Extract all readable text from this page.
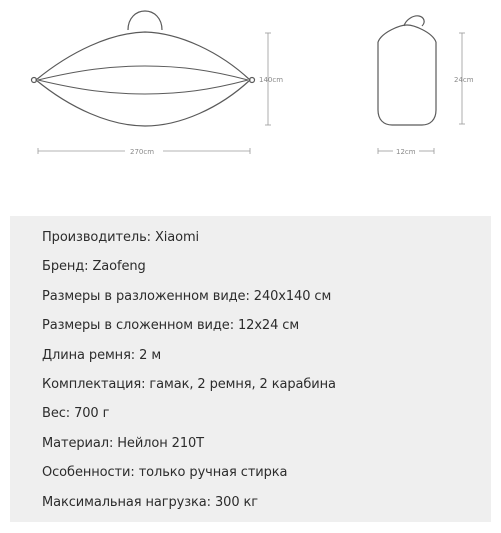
140cm
270cm
24cm
12cm
Производитель: Xiaomi
Бренд: Zaofeng
Размеры в разложенном виде: 240x140 см
Размеры в сложенном виде: 12x24 см
Длина ремня: 2 м
Комплектация: гамак, 2 ремня, 2 карабина
Вес: 700 г
Материал: Нейлон 210T
Особенности: только ручная стирка
Максимальная нагрузка: 300 кг
